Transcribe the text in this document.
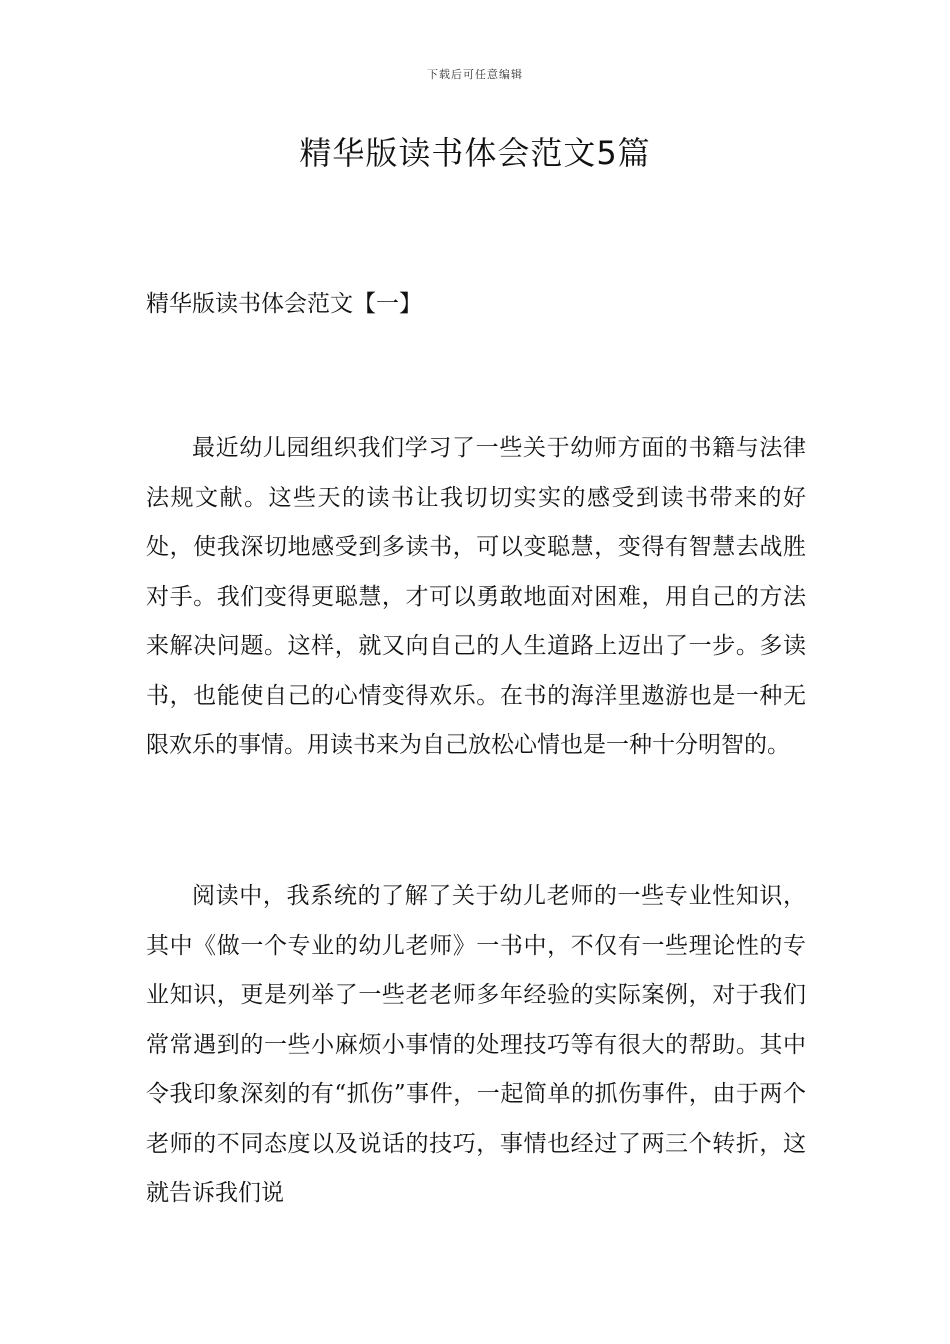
下载后可任意编辑
精华版读书体会范文5篇
精华版读书体会范文【一】

最近幼儿园组织我们学习了一些关于幼师方面的书籍与法律法规文献。这些天的读书让我切切实实的感受到读书带来的好处，使我深切地感受到多读书，可以变聪慧，变得有智慧去战胜对手。我们变得更聪慧，才可以勇敢地面对困难，用自己的方法来解决问题。这样，就又向自己的人生道路上迈出了一步。多读书，也能使自己的心情变得欢乐。在书的海洋里遨游也是一种无限欢乐的事情。用读书来为自己放松心情也是一种十分明智的。

阅读中，我系统的了解了关于幼儿老师的一些专业性知识，其中《做一个专业的幼儿老师》一书中，不仅有一些理论性的专业知识，更是列举了一些老老师多年经验的实际案例，对于我们常常遇到的一些小麻烦小事情的处理技巧等有很大的帮助。其中令我印象深刻的有“抓伤”事件，一起简单的抓伤事件，由于两个老师的不同态度以及说话的技巧，事情也经过了两三个转折，这就告诉我们说
